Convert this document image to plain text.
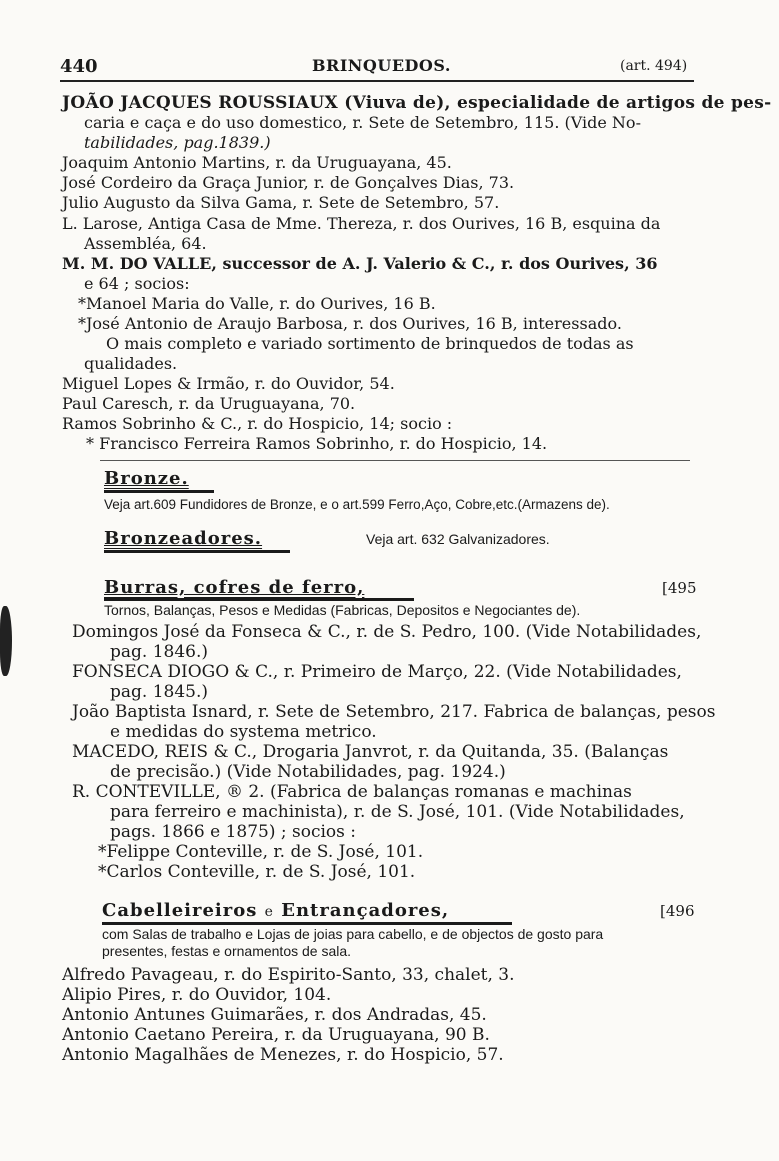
440	BRINQUEDOS.	(art. 494)
JOÃO JACQUES ROUSSIAUX (Viuva de), especialidade de artigos de pes-
caria e caça e do uso domestico, r. Sete de Setembro, 115. (Vide No-
tabilidades, pag.1839.)
Joaquim Antonio Martins, r. da Uruguayana, 45.
José Cordeiro da Graça Junior, r. de Gonçalves Dias, 73.
Julio Augusto da Silva Gama, r. Sete de Setembro, 57.
L. Larose, Antiga Casa de Mme. Thereza, r. dos Ourives, 16 B, esquina da
Assembléa, 64.
M. M. DO VALLE, successor de A. J. Valerio & C., r. dos Ourives, 36
e 64 ; socios:
*Manoel Maria do Valle, r. do Ourives, 16 B.
*José Antonio de Araujo Barbosa, r. dos Ourives, 16 B, interessado.
O mais completo e variado sortimento de brinquedos de todas as
qualidades.
Miguel Lopes & Irmão, r. do Ouvidor, 54.
Paul Caresch, r. da Uruguayana, 70.
Ramos Sobrinho & C., r. do Hospicio, 14; socio :
* Francisco Ferreira Ramos Sobrinho, r. do Hospicio, 14.
Bronze.
Veja art.609 Fundidores de Bronze, e o art.599 Ferro,Aço, Cobre,etc.(Armazens de).
Bronzeadores.	Veja art. 632 Galvanizadores.
Burras, cofres de ferro,	[495
Tornos, Balanças, Pesos e Medidas (Fabricas, Depositos e Negociantes de).
Domingos José da Fonseca & C., r. de S. Pedro, 100. (Vide Notabilidades,
pag. 1846.)
FONSECA DIOGO & C., r. Primeiro de Março, 22. (Vide Notabilidades,
pag. 1845.)
João Baptista Isnard, r. Sete de Setembro, 217. Fabrica de balanças, pesos
e medidas do systema metrico.
MACEDO, REIS & C., Drogaria Janvrot, r. da Quitanda, 35. (Balanças
de precisão.) (Vide Notabilidades, pag. 1924.)
R. CONTEVILLE, ® 2. (Fabrica de balanças romanas e machinas
para ferreiro e machinista), r. de S. José, 101. (Vide Notabilidades,
pags. 1866 e 1875) ; socios :
*Felippe Conteville, r. de S. José, 101.
*Carlos Conteville, r. de S. José, 101.
Cabelleireiros e Entrançadores,	[496
com Salas de trabalho e Lojas de joias para cabello, e de objectos de gosto para
presentes, festas e ornamentos de sala.
Alfredo Pavageau, r. do Espirito-Santo, 33, chalet, 3.
Alipio Pires, r. do Ouvidor, 104.
Antonio Antunes Guimarães, r. dos Andradas, 45.
Antonio Caetano Pereira, r. da Uruguayana, 90 B.
Antonio Magalhães de Menezes, r. do Hospicio, 57.
